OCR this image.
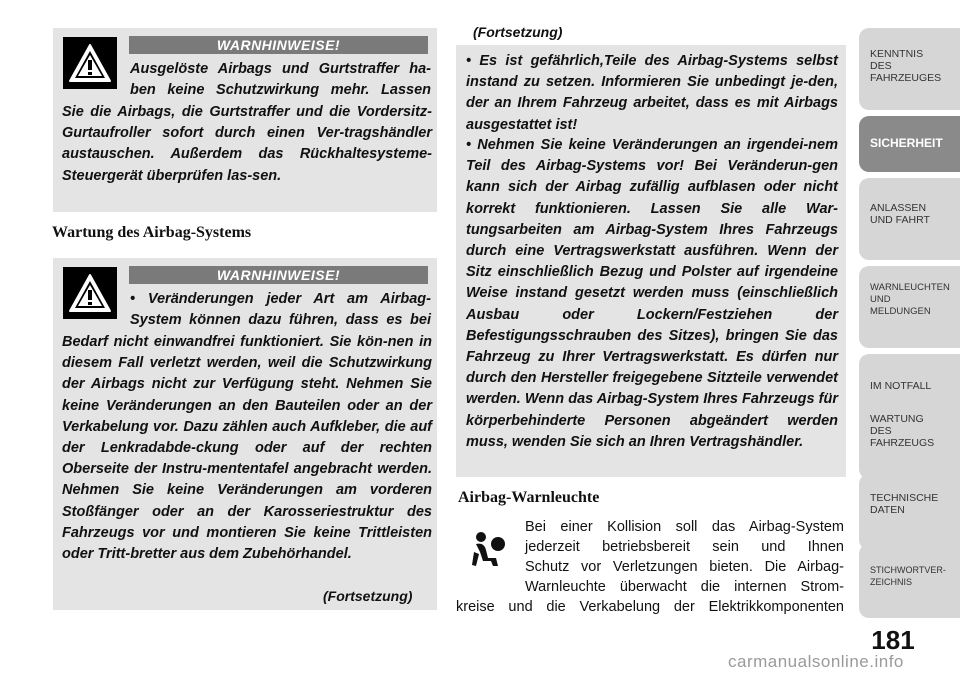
WARNHINWEISE!
Ausgelöste Airbags und Gurtstraffer ha-
ben keine Schutzwirkung mehr. Lassen
Sie die Airbags, die Gurtstraffer und die Vordersitz-Gurtaufroller sofort durch einen Ver-tragshändler austauschen. Außerdem das Rückhaltesysteme-Steuergerät überprüfen las-sen.
Wartung des Airbag-Systems
WARNHINWEISE!
• Veränderungen jeder Art am Airbag-
System können dazu führen, dass es bei
Bedarf nicht einwandfrei funktioniert. Sie kön-nen in diesem Fall verletzt werden, weil die Schutzwirkung der Airbags nicht zur Verfügung steht. Nehmen Sie keine Veränderungen an den Bauteilen oder an der Verkabelung vor. Dazu zählen auch Aufkleber, die auf der Lenkradabde-ckung oder auf der rechten Oberseite der Instru-mententafel angebracht werden. Nehmen Sie keine Veränderungen am vorderen Stoßfänger oder an der Karosseriestruktur des Fahrzeugs vor und montieren Sie keine Trittleisten oder Tritt-bretter aus dem Zubehörhandel.
(Fortsetzung)
(Fortsetzung)
• Es ist gefährlich,Teile des Airbag-Systems selbst instand zu setzen. Informieren Sie unbedingt je-den, der an Ihrem Fahrzeug arbeitet, dass es mit Airbags ausgestattet ist!
• Nehmen Sie keine Veränderungen an irgendei-nem Teil des Airbag-Systems vor! Bei Veränderun-gen kann sich der Airbag zufällig aufblasen oder nicht korrekt funktionieren. Lassen Sie alle War-tungsarbeiten am Airbag-System Ihres Fahrzeugs durch eine Vertragswerkstatt ausführen. Wenn der Sitz einschließlich Bezug und Polster auf irgendeine Weise instand gesetzt werden muss (einschließlich Ausbau oder Lockern/Festziehen der Befestigungsschrauben des Sitzes), bringen Sie das Fahrzeug zu Ihrer Vertragswerkstatt. Es dürfen nur durch den Hersteller freigegebene Sitzteile verwendet werden. Wenn das Airbag-System Ihres Fahrzeugs für körperbehinderte Personen abgeändert werden muss, wenden Sie sich an Ihren Vertragshändler.
Airbag-Warnleuchte
Bei einer Kollision soll das Airbag-System
jederzeit betriebsbereit sein und Ihnen
Schutz vor Verletzungen bieten. Die Airbag-
Warnleuchte überwacht die internen Strom-
kreise und die Verkabelung der Elektrikkomponenten
KENNTNIS
DES
FAHRZEUGES
SICHERHEIT
ANLASSEN
UND FAHRT
WARNLEUCHTEN
UND
MELDUNGEN
IM NOTFALL
WARTUNG
DES
FAHRZEUGS
TECHNISCHE
DATEN
STICHWORTVER-
ZEICHNIS
181
carmanualsonline.info
